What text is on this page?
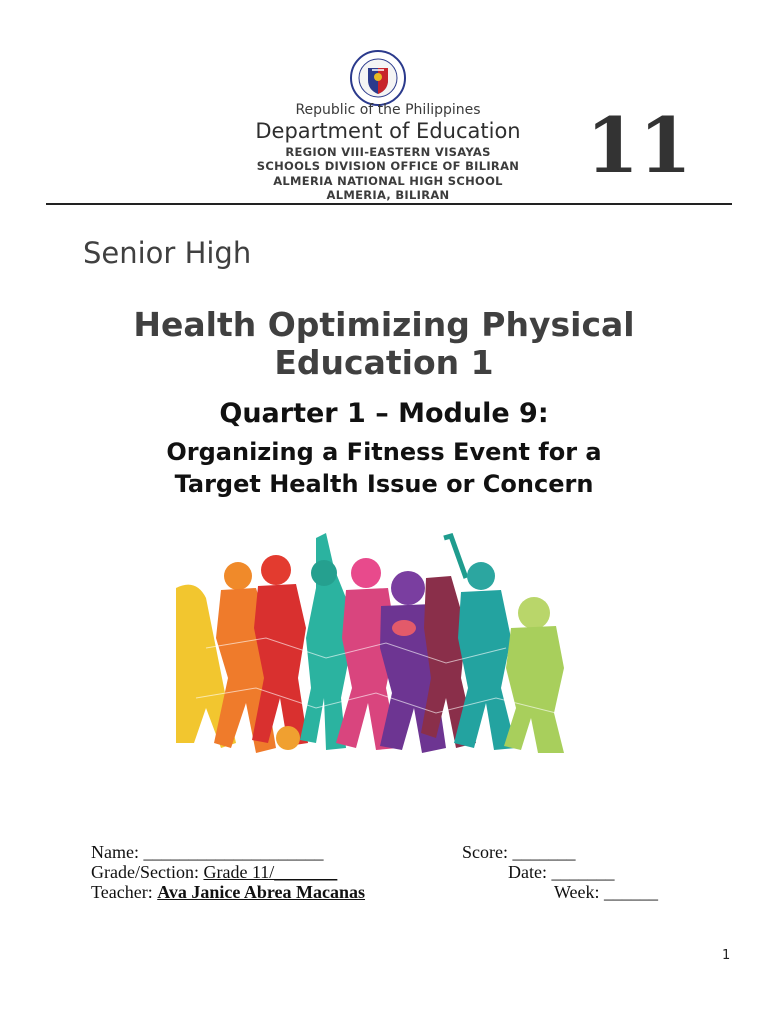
Republic of the Philippines
Department of Education
REGION VIII-EASTERN VISAYAS
SCHOOLS DIVISION OFFICE OF BILIRAN
ALMERIA NATIONAL HIGH SCHOOL
ALMERIA, BILIRAN
11
Senior High
Health Optimizing Physical
Education 1
Quarter 1 – Module 9:
Organizing a Fitness Event for a
Target Health Issue or Concern
Name: ____________________	Score: _______
Grade/Section: Grade 11/_______	Date: _______
Teacher: Ava Janice Abrea Macanas	Week: ______
1
